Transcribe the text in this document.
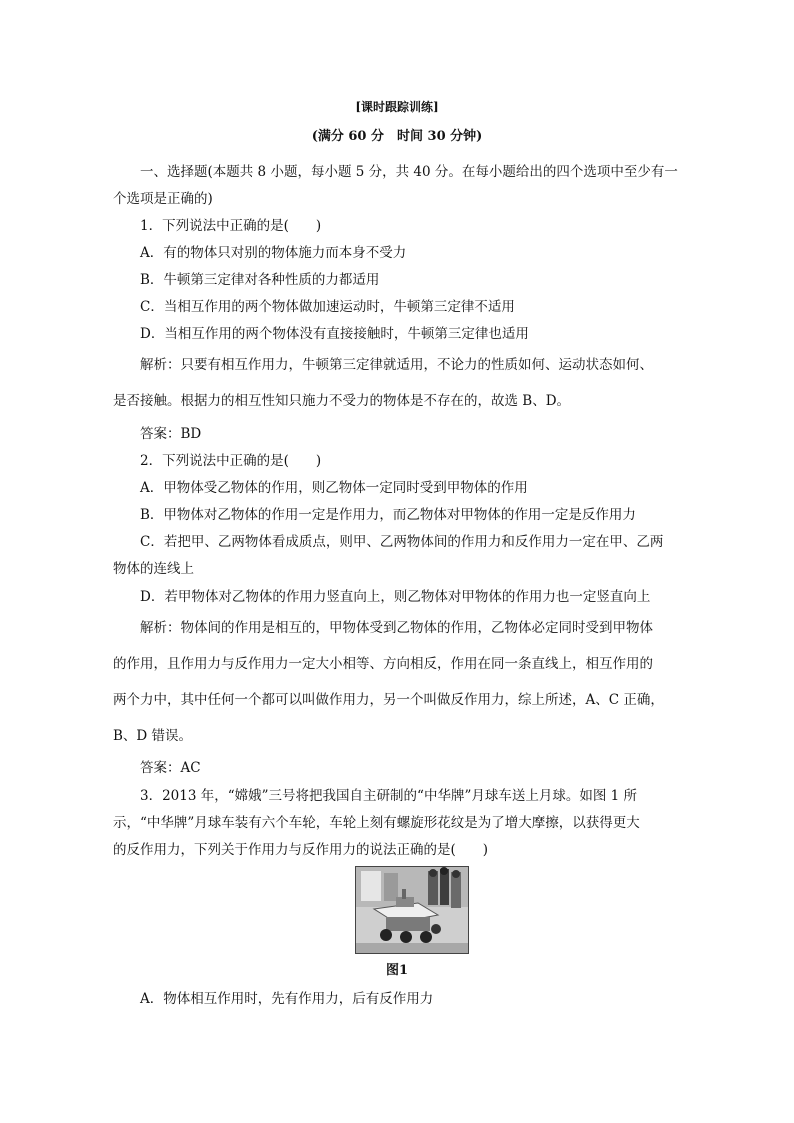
[课时跟踪训练]
(满分 60 分　时间 30 分钟)
一、选择题(本题共 8 小题，每小题 5 分，共 40 分。在每小题给出的四个选项中至少有一
个选项是正确的)
1．下列说法中正确的是(　　)
A．有的物体只对别的物体施力而本身不受力
B．牛顿第三定律对各种性质的力都适用
C．当相互作用的两个物体做加速运动时，牛顿第三定律不适用
D．当相互作用的两个物体没有直接接触时，牛顿第三定律也适用
解析：只要有相互作用力，牛顿第三定律就适用，不论力的性质如何、运动状态如何、
是否接触。根据力的相互性知只施力不受力的物体是不存在的，故选 B、D。
答案：BD
2．下列说法中正确的是(　　)
A．甲物体受乙物体的作用，则乙物体一定同时受到甲物体的作用
B．甲物体对乙物体的作用一定是作用力，而乙物体对甲物体的作用一定是反作用力
C．若把甲、乙两物体看成质点，则甲、乙两物体间的作用力和反作用力一定在甲、乙两
物体的连线上
D．若甲物体对乙物体的作用力竖直向上，则乙物体对甲物体的作用力也一定竖直向上
解析：物体间的作用是相互的，甲物体受到乙物体的作用，乙物体必定同时受到甲物体
的作用，且作用力与反作用力一定大小相等、方向相反，作用在同一条直线上，相互作用的
两个力中，其中任何一个都可以叫做作用力，另一个叫做反作用力，综上所述，A、C 正确，
B、D 错误。
答案：AC
3．2013 年，“嫦娥”三号将把我国自主研制的“中华牌”月球车送上月球。如图 1 所
示，“中华牌”月球车装有六个车轮，车轮上刻有螺旋形花纹是为了增大摩擦，以获得更大
的反作用力，下列关于作用力与反作用力的说法正确的是(　　)
图1
A．物体相互作用时，先有作用力，后有反作用力
